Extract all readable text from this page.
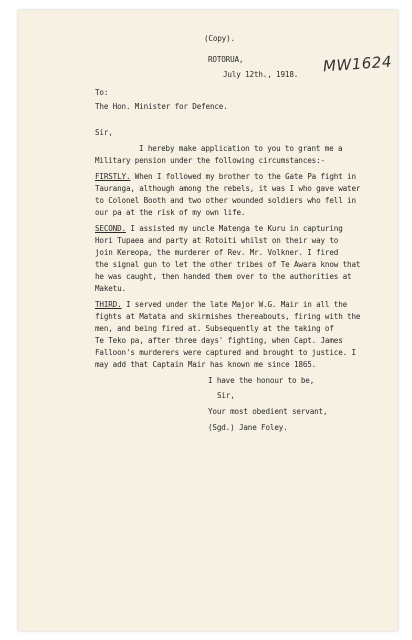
(Copy).
MW1624
ROTORUA,
July 12th., 1918.
To:
The Hon. Minister for Defence.
Sir,
I hereby make application to you to grant me a
Military pension under the following circumstances:-
FIRSTLY. When I followed my brother to the Gate Pa fight in
Tauranga, although among the rebels, it was I who gave water
to Colonel Booth and two other wounded soldiers who fell in
our pa at the risk of my own life.
SECOND. I assisted my uncle Matenga te Kuru in capturing
Hori Tupaea and party at Rotoiti whilst on their way to
join Kereopa, the murderer of Rev. Mr. Volkner. I fired
the signal gun to let the other tribes of Te Awara know that
he was caught, then handed them over to the authorities at
Maketu.
THIRD. I served under the late Major W.G. Mair in all the
fights at Matata and skirmishes thereabouts, firing with the
men, and being fired at. Subsequently at the taking of
Te Teko pa, after three days' fighting, when Capt. James
Falloon's murderers were captured and brought to justice. I
may add that Captain Mair has known me since 1865.
I have the honour to be,
Sir,
Your most obedient servant,
(Sgd.) Jane Foley.
